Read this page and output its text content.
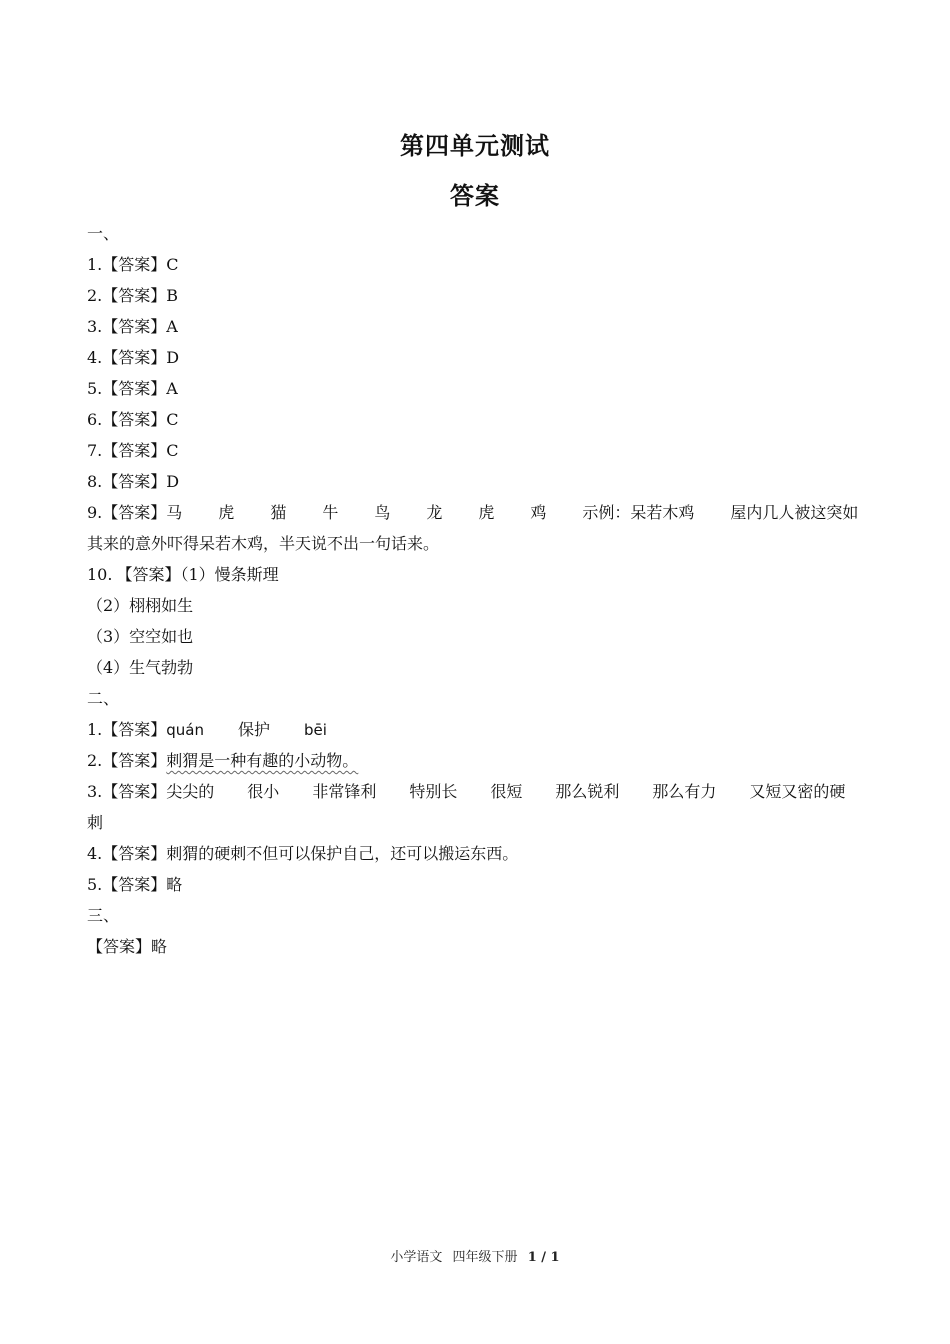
第四单元测试
答案
一、
1.【答案】C
2.【答案】B
3.【答案】A
4.【答案】D
5.【答案】A
6.【答案】C
7.【答案】C
8.【答案】D
9. 【答案】 马 虎 猫 牛 鸟 龙 虎 鸡 示例：呆若木鸡 屋内几人被这突如
其来的意外吓得呆若木鸡，半天说不出一句话来。
10. 【答案】（1）慢条斯理
（2）栩栩如生
（3）空空如也
（4）生气勃勃
二、
1.【答案】quán 保护 bēi
2.【答案】刺猬是一种有趣的小动物。
3. 【答案】 尖尖的 很小 非常锋利 特别长 很短 那么锐利 那么有力 又短又密的硬
刺
4.【答案】刺猬的硬刺不但可以保护自己，还可以搬运东西。
5.【答案】略
三、
【答案】略
小学语文 四年级下册 1 / 1
